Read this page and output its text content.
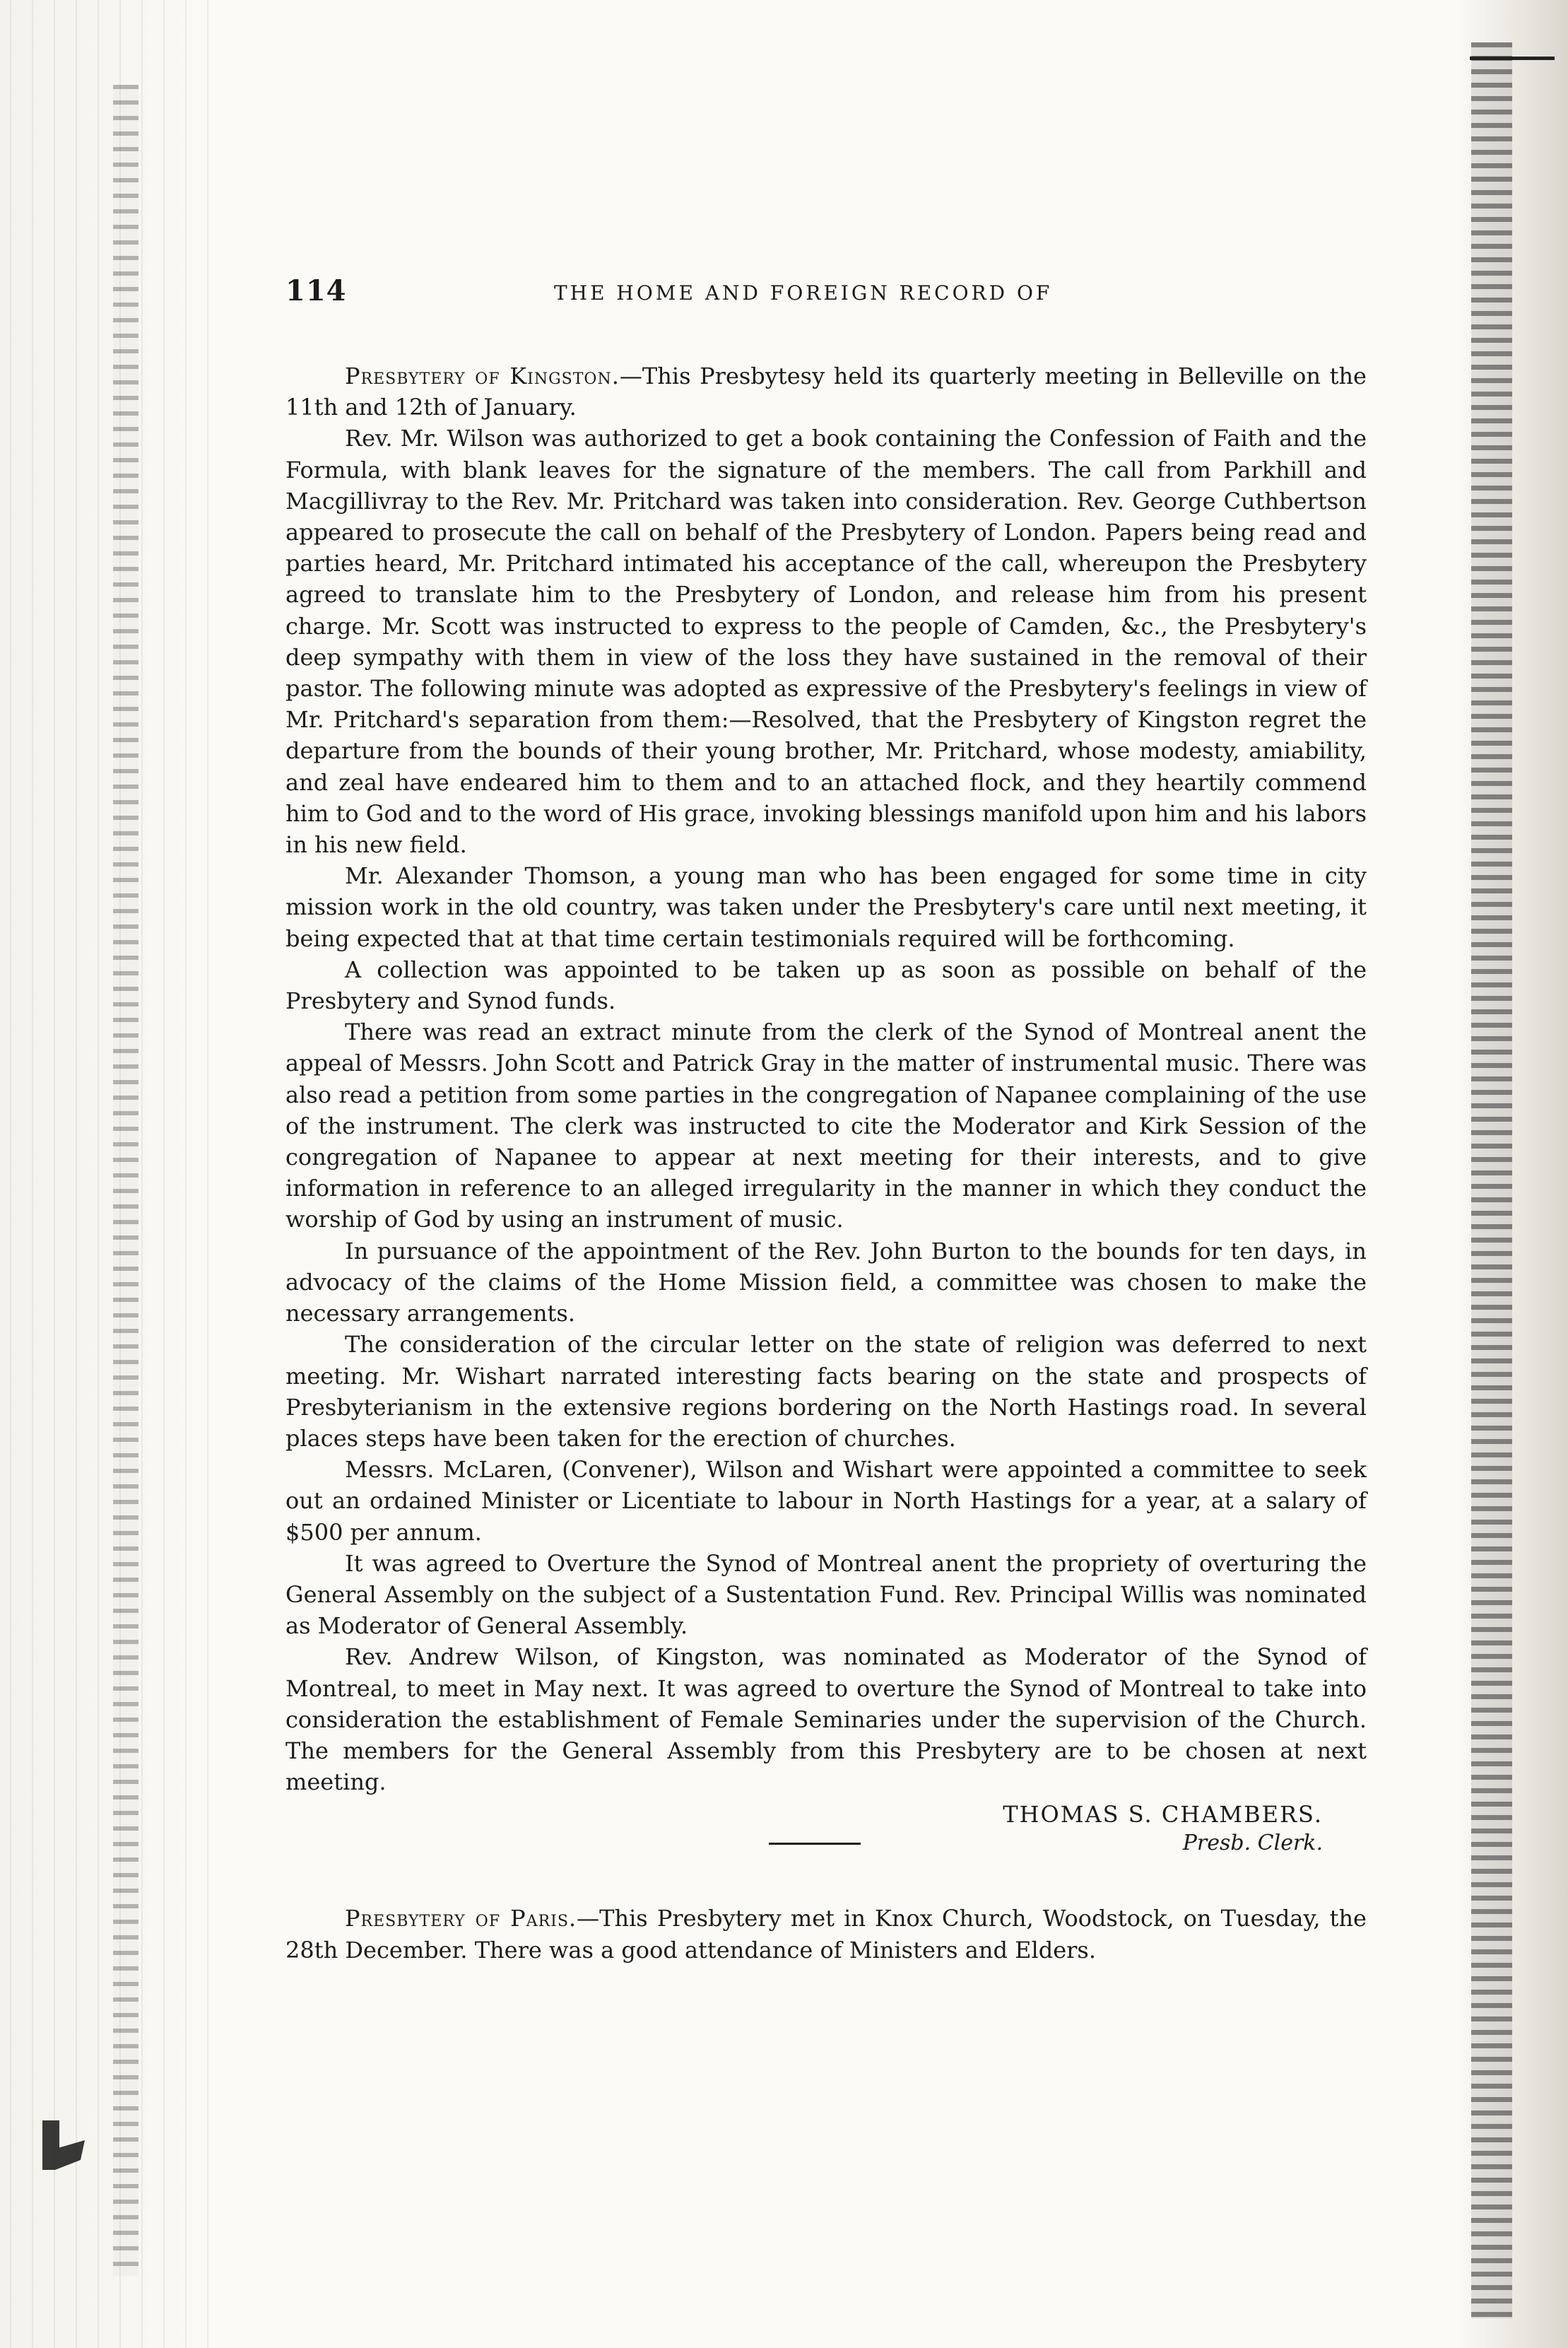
114	THE HOME AND FOREIGN RECORD OF

Presbytery of Kingston.—This Presbytesy held its quarterly meeting in Belleville on the 11th and 12th of January.

Rev. Mr. Wilson was authorized to get a book containing the Confession of Faith and the Formula, with blank leaves for the signature of the members. The call from Parkhill and Macgillivray to the Rev. Mr. Pritchard was taken into consideration. Rev. George Cuthbertson appeared to prosecute the call on behalf of the Presbytery of London. Papers being read and parties heard, Mr. Pritchard intimated his acceptance of the call, whereupon the Presbytery agreed to translate him to the Presbytery of London, and release him from his present charge. Mr. Scott was instructed to express to the people of Camden, &c., the Presbytery's deep sympathy with them in view of the loss they have sustained in the removal of their pastor. The following minute was adopted as expressive of the Presbytery's feelings in view of Mr. Pritchard's separation from them:—Resolved, that the Presbytery of Kingston regret the departure from the bounds of their young brother, Mr. Pritchard, whose modesty, amiability, and zeal have endeared him to them and to an attached flock, and they heartily commend him to God and to the word of His grace, invoking blessings manifold upon him and his labors in his new field.

Mr. Alexander Thomson, a young man who has been engaged for some time in city mission work in the old country, was taken under the Presbytery's care until next meeting, it being expected that at that time certain testimonials required will be forthcoming.

A collection was appointed to be taken up as soon as possible on behalf of the Presbytery and Synod funds.

There was read an extract minute from the clerk of the Synod of Montreal anent the appeal of Messrs. John Scott and Patrick Gray in the matter of instrumental music. There was also read a petition from some parties in the congregation of Napanee complaining of the use of the instrument. The clerk was instructed to cite the Moderator and Kirk Session of the congregation of Napanee to appear at next meeting for their interests, and to give information in reference to an alleged irregularity in the manner in which they conduct the worship of God by using an instrument of music.

In pursuance of the appointment of the Rev. John Burton to the bounds for ten days, in advocacy of the claims of the Home Mission field, a committee was chosen to make the necessary arrangements.

The consideration of the circular letter on the state of religion was deferred to next meeting. Mr. Wishart narrated interesting facts bearing on the state and prospects of Presbyterianism in the extensive regions bordering on the North Hastings road. In several places steps have been taken for the erection of churches.

Messrs. McLaren, (Convener), Wilson and Wishart were appointed a committee to seek out an ordained Minister or Licentiate to labour in North Hastings for a year, at a salary of $500 per annum.

It was agreed to Overture the Synod of Montreal anent the propriety of overturing the General Assembly on the subject of a Sustentation Fund. Rev. Principal Willis was nominated as Moderator of General Assembly.

Rev. Andrew Wilson, of Kingston, was nominated as Moderator of the Synod of Montreal, to meet in May next. It was agreed to overture the Synod of Montreal to take into consideration the establishment of Female Seminaries under the supervision of the Church. The members for the General Assembly from this Presbytery are to be chosen at next meeting.

THOMAS S. CHAMBERS.
Presb. Clerk.

Presbytery of Paris.—This Presbytery met in Knox Church, Woodstock, on Tuesday, the 28th December. There was a good attendance of Ministers and Elders.
